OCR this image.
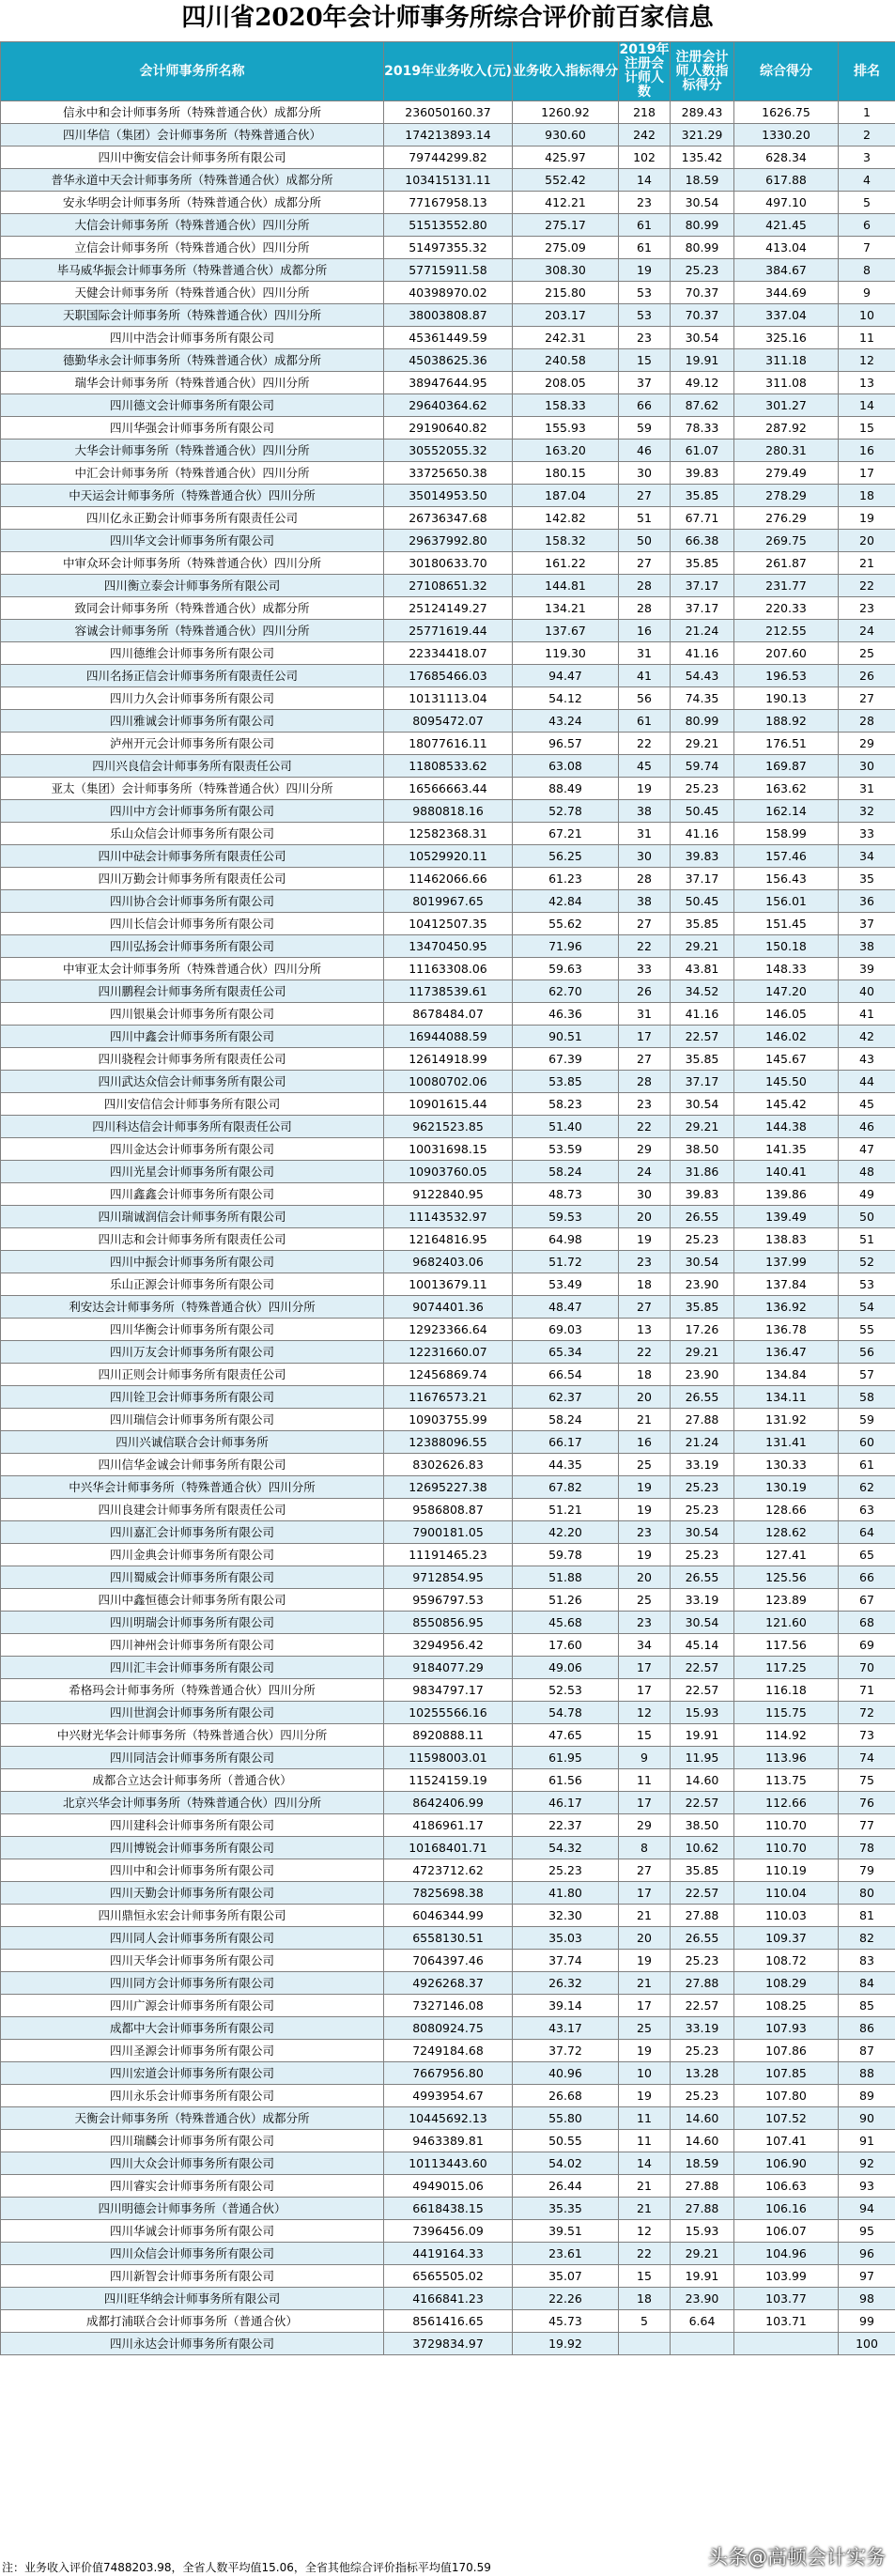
四川省2020年会计师事务所综合评价前百家信息
会计师事务所名称	2019年业务收入(元)	业务收入指标得分	2019年注册会计师人数	注册会计师人数指标得分	综合得分	排名
信永中和会计师事务所（特殊普通合伙）成都分所	236050160.37	1260.92	218	289.43	1626.75	1
四川华信（集团）会计师事务所（特殊普通合伙）	174213893.14	930.60	242	321.29	1330.20	2
四川中衡安信会计师事务所有限公司	79744299.82	425.97	102	135.42	628.34	3
普华永道中天会计师事务所（特殊普通合伙）成都分所	103415131.11	552.42	14	18.59	617.88	4
安永华明会计师事务所（特殊普通合伙）成都分所	77167958.13	412.21	23	30.54	497.10	5
大信会计师事务所（特殊普通合伙）四川分所	51513552.80	275.17	61	80.99	421.45	6
立信会计师事务所（特殊普通合伙）四川分所	51497355.32	275.09	61	80.99	413.04	7
毕马威华振会计师事务所（特殊普通合伙）成都分所	57715911.58	308.30	19	25.23	384.67	8
天健会计师事务所（特殊普通合伙）四川分所	40398970.02	215.80	53	70.37	344.69	9
天职国际会计师事务所（特殊普通合伙）四川分所	38003808.87	203.17	53	70.37	337.04	10
四川中浩会计师事务所有限公司	45361449.59	242.31	23	30.54	325.16	11
德勤华永会计师事务所（特殊普通合伙）成都分所	45038625.36	240.58	15	19.91	311.18	12
瑞华会计师事务所（特殊普通合伙）四川分所	38947644.95	208.05	37	49.12	311.08	13
四川德文会计师事务所有限公司	29640364.62	158.33	66	87.62	301.27	14
四川华强会计师事务所有限公司	29190640.82	155.93	59	78.33	287.92	15
大华会计师事务所（特殊普通合伙）四川分所	30552055.32	163.20	46	61.07	280.31	16
中汇会计师事务所（特殊普通合伙）四川分所	33725650.38	180.15	30	39.83	279.49	17
中天运会计师事务所（特殊普通合伙）四川分所	35014953.50	187.04	27	35.85	278.29	18
四川亿永正勤会计师事务所有限责任公司	26736347.68	142.82	51	67.71	276.29	19
四川华文会计师事务所有限公司	29637992.80	158.32	50	66.38	269.75	20
中审众环会计师事务所（特殊普通合伙）四川分所	30180633.70	161.22	27	35.85	261.87	21
四川衡立泰会计师事务所有限公司	27108651.32	144.81	28	37.17	231.77	22
致同会计师事务所（特殊普通合伙）成都分所	25124149.27	134.21	28	37.17	220.33	23
容诚会计师事务所（特殊普通合伙）四川分所	25771619.44	137.67	16	21.24	212.55	24
四川德维会计师事务所有限公司	22334418.07	119.30	31	41.16	207.60	25
四川名扬正信会计师事务所有限责任公司	17685466.03	94.47	41	54.43	196.53	26
四川力久会计师事务所有限公司	10131113.04	54.12	56	74.35	190.13	27
四川雅诚会计师事务所有限公司	8095472.07	43.24	61	80.99	188.92	28
泸州开元会计师事务所有限公司	18077616.11	96.57	22	29.21	176.51	29
四川兴良信会计师事务所有限责任公司	11808533.62	63.08	45	59.74	169.87	30
亚太（集团）会计师事务所（特殊普通合伙）四川分所	16566663.44	88.49	19	25.23	163.62	31
四川中方会计师事务所有限公司	9880818.16	52.78	38	50.45	162.14	32
乐山众信会计师事务所有限公司	12582368.31	67.21	31	41.16	158.99	33
四川中砝会计师事务所有限责任公司	10529920.11	56.25	30	39.83	157.46	34
四川万勤会计师事务所有限责任公司	11462066.66	61.23	28	37.17	156.43	35
四川协合会计师事务所有限公司	8019967.65	42.84	38	50.45	156.01	36
四川长信会计师事务所有限公司	10412507.35	55.62	27	35.85	151.45	37
四川弘扬会计师事务所有限公司	13470450.95	71.96	22	29.21	150.18	38
中审亚太会计师事务所（特殊普通合伙）四川分所	11163308.06	59.63	33	43.81	148.33	39
四川鹏程会计师事务所有限责任公司	11738539.61	62.70	26	34.52	147.20	40
四川银巢会计师事务所有限公司	8678484.07	46.36	31	41.16	146.05	41
四川中鑫会计师事务所有限公司	16944088.59	90.51	17	22.57	146.02	42
四川骁程会计师事务所有限责任公司	12614918.99	67.39	27	35.85	145.67	43
四川武达众信会计师事务所有限公司	10080702.06	53.85	28	37.17	145.50	44
四川安信信会计师事务所有限公司	10901615.44	58.23	23	30.54	145.42	45
四川科达信会计师事务所有限责任公司	9621523.85	51.40	22	29.21	144.38	46
四川金达会计师事务所有限公司	10031698.15	53.59	29	38.50	141.35	47
四川光星会计师事务所有限公司	10903760.05	58.24	24	31.86	140.41	48
四川鑫鑫会计师事务所有限公司	9122840.95	48.73	30	39.83	139.86	49
四川瑞诚润信会计师事务所有限公司	11143532.97	59.53	20	26.55	139.49	50
四川志和会计师事务所有限责任公司	12164816.95	64.98	19	25.23	138.83	51
四川中振会计师事务所有限公司	9682403.06	51.72	23	30.54	137.99	52
乐山正源会计师事务所有限公司	10013679.11	53.49	18	23.90	137.84	53
利安达会计师事务所（特殊普通合伙）四川分所	9074401.36	48.47	27	35.85	136.92	54
四川华衡会计师事务所有限公司	12923366.64	69.03	13	17.26	136.78	55
四川万友会计师事务所有限公司	12231660.07	65.34	22	29.21	136.47	56
四川正则会计师事务所有限责任公司	12456869.74	66.54	18	23.90	134.84	57
四川铨卫会计师事务所有限公司	11676573.21	62.37	20	26.55	134.11	58
四川瑞信会计师事务所有限公司	10903755.99	58.24	21	27.88	131.92	59
四川兴诚信联合会计师事务所	12388096.55	66.17	16	21.24	131.41	60
四川信华金诚会计师事务所有限公司	8302626.83	44.35	25	33.19	130.33	61
中兴华会计师事务所（特殊普通合伙）四川分所	12695227.38	67.82	19	25.23	130.19	62
四川良建会计师事务所有限责任公司	9586808.87	51.21	19	25.23	128.66	63
四川嘉汇会计师事务所有限公司	7900181.05	42.20	23	30.54	128.62	64
四川金典会计师事务所有限公司	11191465.23	59.78	19	25.23	127.41	65
四川蜀威会计师事务所有限公司	9712854.95	51.88	20	26.55	125.56	66
四川中鑫恒德会计师事务所有限公司	9596797.53	51.26	25	33.19	123.89	67
四川明瑞会计师事务所有限公司	8550856.95	45.68	23	30.54	121.60	68
四川神州会计师事务所有限公司	3294956.42	17.60	34	45.14	117.56	69
四川汇丰会计师事务所有限公司	9184077.29	49.06	17	22.57	117.25	70
希格玛会计师事务所（特殊普通合伙）四川分所	9834797.17	52.53	17	22.57	116.18	71
四川世润会计师事务所有限公司	10255566.16	54.78	12	15.93	115.75	72
中兴财光华会计师事务所（特殊普通合伙）四川分所	8920888.11	47.65	15	19.91	114.92	73
四川同洁会计师事务所有限公司	11598003.01	61.95	9	11.95	113.96	74
成都合立达会计师事务所（普通合伙）	11524159.19	61.56	11	14.60	113.75	75
北京兴华会计师事务所（特殊普通合伙）四川分所	8642406.99	46.17	17	22.57	112.66	76
四川建科会计师事务所有限公司	4186961.17	22.37	29	38.50	110.70	77
四川博锐会计师事务所有限公司	10168401.71	54.32	8	10.62	110.70	78
四川中和会计师事务所有限公司	4723712.62	25.23	27	35.85	110.19	79
四川天勤会计师事务所有限公司	7825698.38	41.80	17	22.57	110.04	80
四川鼎恒永宏会计师事务所有限公司	6046344.99	32.30	21	27.88	110.03	81
四川同人会计师事务所有限公司	6558130.51	35.03	20	26.55	109.37	82
四川天华会计师事务所有限公司	7064397.46	37.74	19	25.23	108.72	83
四川同方会计师事务所有限公司	4926268.37	26.32	21	27.88	108.29	84
四川广源会计师事务所有限公司	7327146.08	39.14	17	22.57	108.25	85
成都中大会计师事务所有限公司	8080924.75	43.17	25	33.19	107.93	86
四川圣源会计师事务所有限公司	7249184.68	37.72	19	25.23	107.86	87
四川宏道会计师事务所有限公司	7667956.80	40.96	10	13.28	107.85	88
四川永乐会计师事务所有限公司	4993954.67	26.68	19	25.23	107.80	89
天衡会计师事务所（特殊普通合伙）成都分所	10445692.13	55.80	11	14.60	107.52	90
四川瑞麟会计师事务所有限公司	9463389.81	50.55	11	14.60	107.41	91
四川大众会计师事务所有限公司	10113443.60	54.02	14	18.59	106.90	92
四川睿实会计师事务所有限公司	4949015.06	26.44	21	27.88	106.63	93
四川明德会计师事务所（普通合伙）	6618438.15	35.35	21	27.88	106.16	94
四川华诚会计师事务所有限公司	7396456.09	39.51	12	15.93	106.07	95
四川众信会计师事务所有限公司	4419164.33	23.61	22	29.21	104.96	96
四川新智会计师事务所有限公司	6565505.02	35.07	15	19.91	103.99	97
四川旺华纳会计师事务所有限公司	4166841.23	22.26	18	23.90	103.77	98
成都打浦联合会计师事务所（普通合伙）	8561416.65	45.73	5	6.64	103.71	99
四川永达会计师事务所有限公司	3729834.97	19.92				100
注：业务收入评价值7488203.98，全省人数平均值15.06，全省其他综合评价指标平均值170.59	头条@高顿会计实务
